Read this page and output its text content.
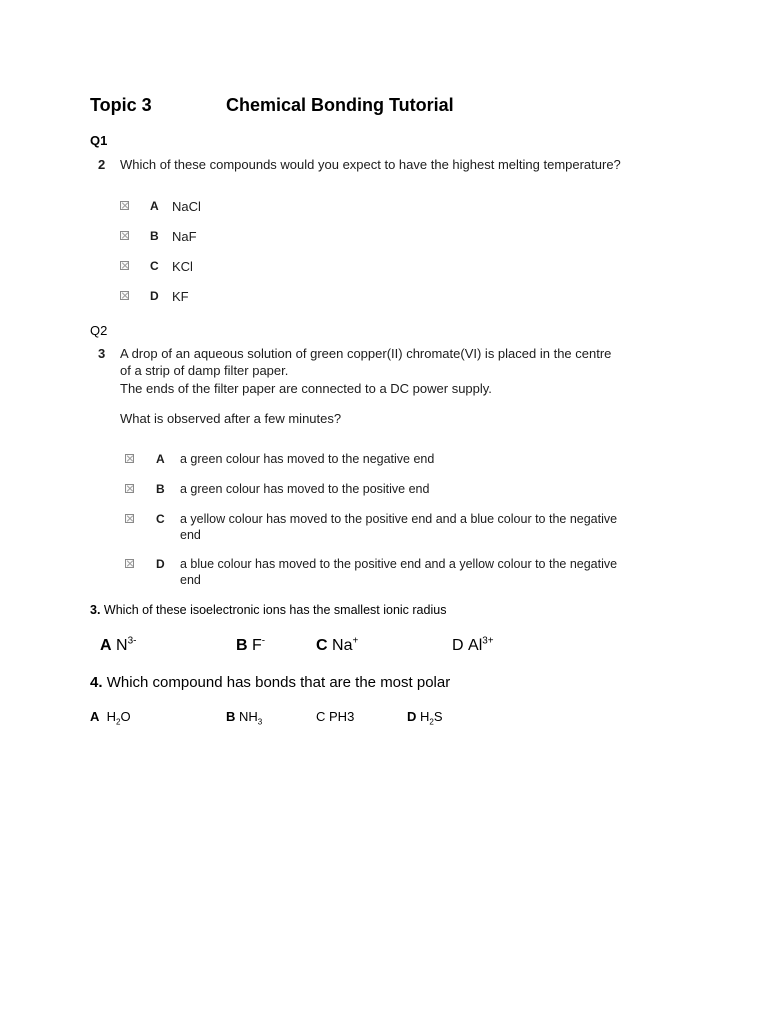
Topic 3	Chemical Bonding Tutorial
Q1
2 Which of these compounds would you expect to have the highest melting temperature?
A NaCl
B NaF
C KCl
D KF
Q2
3 A drop of an aqueous solution of green copper(II) chromate(VI) is placed in the centre
of a strip of damp filter paper.
The ends of the filter paper are connected to a DC power supply.
What is observed after a few minutes?
A a green colour has moved to the negative end
B a green colour has moved to the positive end
C a yellow colour has moved to the positive end and a blue colour to the negative end
D a blue colour has moved to the positive end and a yellow colour to the negative end
3. Which of these isoelectronic ions has the smallest ionic radius
A $N^{3-}$	B F-	C Na+	D $Al^{3+}$
4. Which compound has bonds that are the most polar
A $H_2O$	B $NH_3$	C PH3	D $H_2S$
